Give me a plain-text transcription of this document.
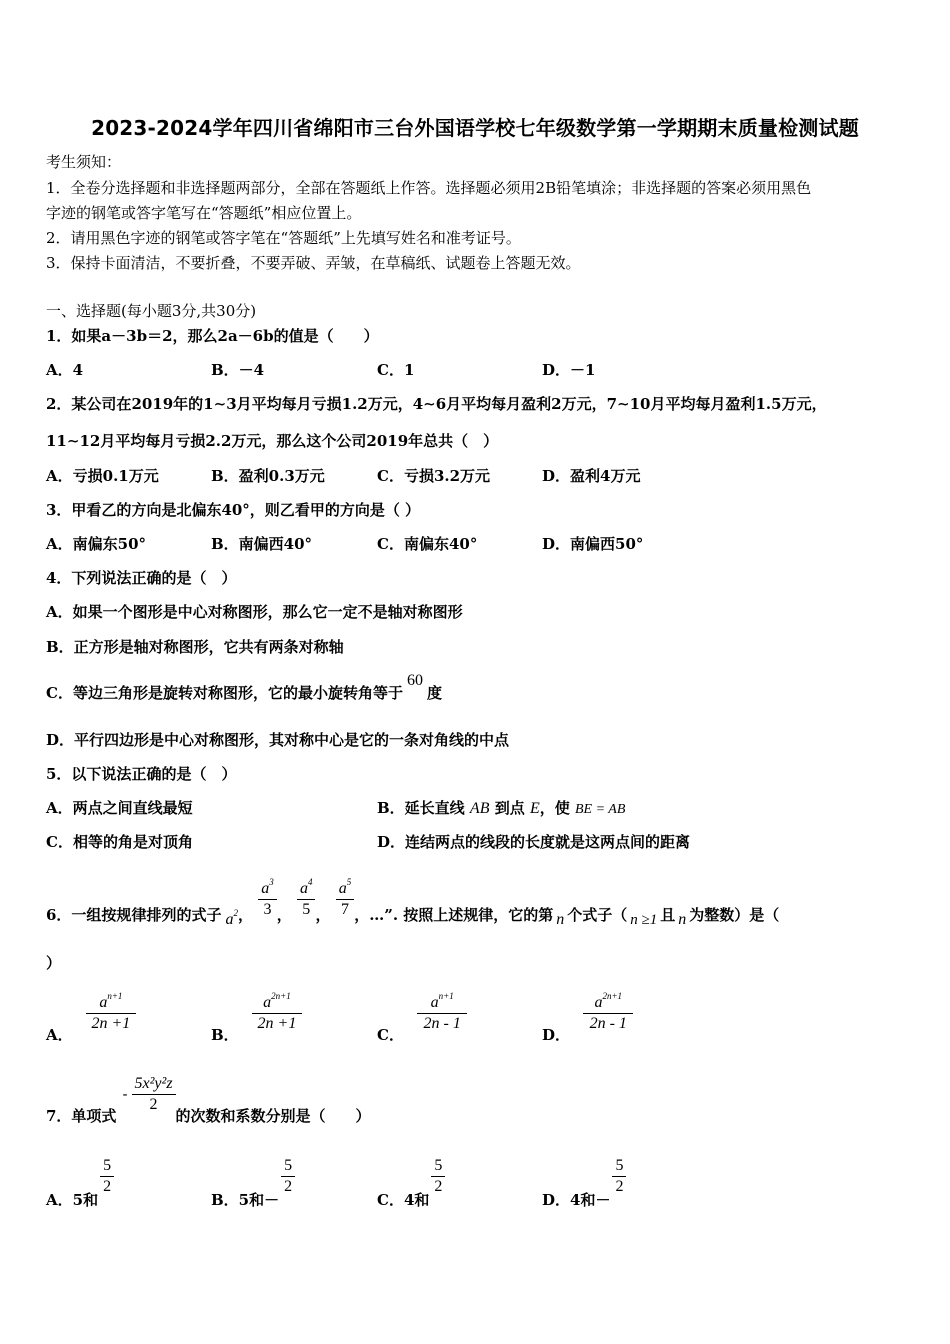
2023-2024学年四川省绵阳市三台外国语学校七年级数学第一学期期末质量检测试题
考生须知：
1．全卷分选择题和非选择题两部分，全部在答题纸上作答。选择题必须用2B铅笔填涂；非选择题的答案必须用黑色
字迹的钢笔或答字笔写在“答题纸”相应位置上。
2．请用黑色字迹的钢笔或答字笔在“答题纸”上先填写姓名和准考证号。
3．保持卡面清洁，不要折叠，不要弄破、弄皱，在草稿纸、试题卷上答题无效。
一、选择题(每小题3分,共30分)
1．如果a－3b＝2，那么2a－6b的值是（　　）
A．4	B．－4	C．1	D．－1
2．某公司在2019年的1∼3月平均每月亏损1.2万元，4∼6月平均每月盈利2万元，7∼10月平均每月盈利1.5万元，
11∼12月平均每月亏损2.2万元，那么这个公司2019年总共（　）
A．亏损0.1万元	B．盈利0.3万元	C．亏损3.2万元	D．盈利4万元
3．甲看乙的方向是北偏东40°，则乙看甲的方向是（ ）
A．南偏东50°	B．南偏西40°	C．南偏东40°	D．南偏西50°
4．下列说法正确的是（　）
A．如果一个图形是中心对称图形，那么它一定不是轴对称图形
B．正方形是轴对称图形，它共有两条对称轴
C．等边三角形是旋转对称图形，它的最小旋转角等于60度
D．平行四边形是中心对称图形，其对称中心是它的一条对角线的中点
5．以下说法正确的是（　）
A．两点之间直线最短	B．延长直线 AB 到点 E，使 BE = AB
C．相等的角是对顶角	D．连结两点的线段的长度就是这两点间的距离
6．一组按规律排列的式子 $a^2$， $\frac{a^3}{3}$ ， $\frac{a^4}{5}$ ， $\frac{a^5}{7}$ ，…”. 按照上述规律，它的第 n 个式子（ n ≥1 且 n 为整数）是（
）
A．
$\frac{a^{n+1}}{2n +1}$
B．
$\frac{a^{2n+1}}{2n +1}$
C．
$\frac{a^{n+1}}{2n - 1}$
D．
$\frac{a^{2n+1}}{2n - 1}$
7．单项式- $\frac{\text{5x²y²z}}{2}$
的次数和系数分别是（　　）
A．5和
$\frac{5}{2}$
B．5和－
$\frac{5}{2}$
C．4和
$\frac{5}{2}$
D．4和－
$\frac{5}{2}$
